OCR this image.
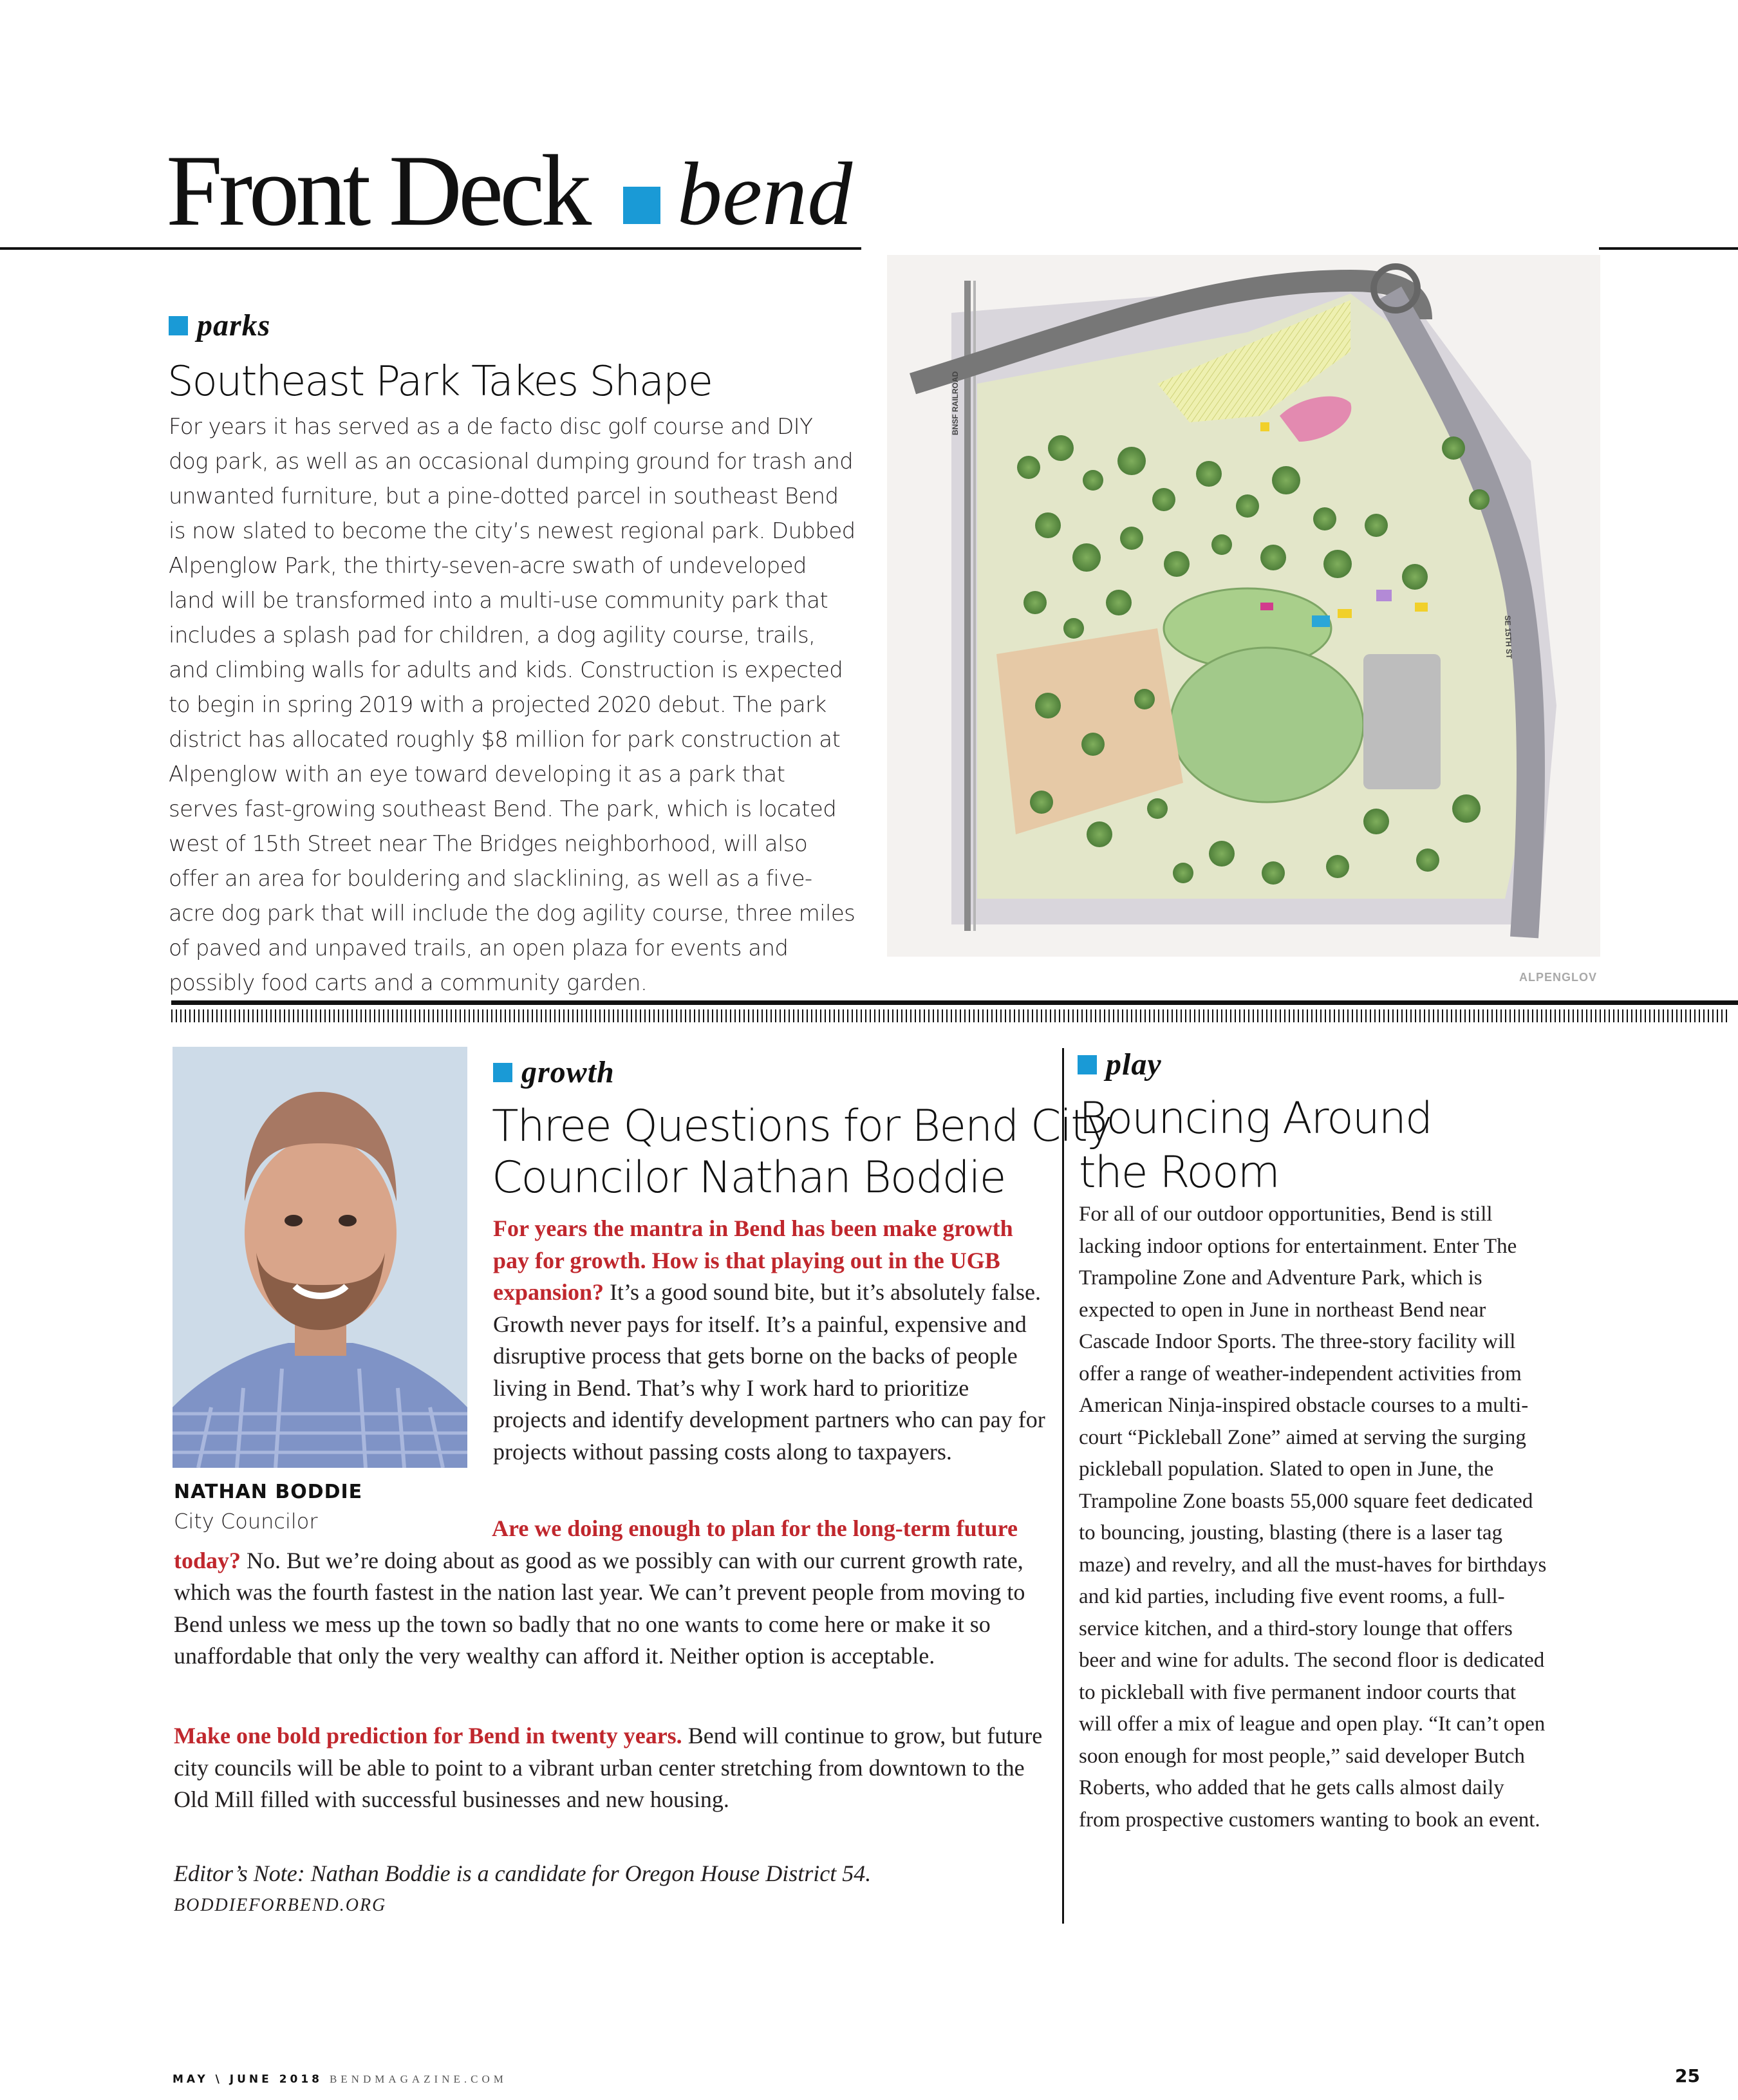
Front Deck bend
parks
Southeast Park Takes Shape

For years it has served as a de facto disc golf course and DIY dog park, as well as an occasional dumping ground for trash and unwanted furniture, but a pine-dotted parcel in southeast Bend is now slated to become the city’s newest regional park. Dubbed Alpenglow Park, the thirty-seven-acre swath of undeveloped land will be transformed into a multi-use community park that includes a splash pad for children, a dog agility course, trails, and climbing walls for adults and kids. Construction is expected to begin in spring 2019 with a projected 2020 debut. The park district has allocated roughly $8 million for park construction at Alpenglow with an eye toward developing it as a park that serves fast-growing southeast Bend. The park, which is located west of 15th Street near The Bridges neighborhood, will also offer an area for bouldering and slacklining, as well as a five-acre dog park that will include the dog agility course, three miles of paved and unpaved trails, an open plaza for events and possibly food carts and a community garden.

SE 15TH ST
BNSF RAILROAD
ALPENGLOV
NATHAN BODDIE
City Councilor
growth
Three Questions for Bend City
Councilor Nathan Boddie

For years the mantra in Bend has been make growth pay for growth. How is that playing out in the UGB expansion? It’s a good sound bite, but it’s absolutely false. Growth never pays for itself. It’s a painful, expensive and disruptive process that gets borne on the backs of people living in Bend. That’s why I work hard to prioritize projects and identify development partners who can pay for projects without passing costs along to taxpayers.

Are we doing enough to plan for the long-term future today? No. But we’re doing about as good as we possibly can with our current growth rate, which was the fourth fastest in the nation last year. We can’t prevent people from moving to Bend unless we mess up the town so badly that no one wants to come here or make it so unaffordable that only the very wealthy can afford it. Neither option is acceptable.

Make one bold prediction for Bend in twenty years. Bend will continue to grow, but future city councils will be able to point to a vibrant urban center stretching from downtown to the Old Mill filled with successful businesses and new housing.

Editor’s Note: Nathan Boddie is a candidate for Oregon House District 54.

BODDIEFORBEND.ORG
play
Bouncing Around
the Room

For all of our outdoor opportunities, Bend is still lacking indoor options for entertainment. Enter The Trampoline Zone and Adventure Park, which is expected to open in June in northeast Bend near Cascade Indoor Sports. The three-story facility will offer a range of weather-independent activities from American Ninja-inspired obstacle courses to a multi-court “Pickleball Zone” aimed at serving the surging pickleball population. Slated to open in June, the Trampoline Zone boasts 55,000 square feet dedicated to bouncing, jousting, blasting (there is a laser tag maze) and revelry, and all the must-haves for birthdays and kid parties, including five event rooms, a full-service kitchen, and a third-story lounge that offers beer and wine for adults. The second floor is dedicated to pickleball with five permanent indoor courts that will offer a mix of league and open play. “It can’t open soon enough for most people,” said developer Butch Roberts, who added that he gets calls almost daily from prospective customers wanting to book an event.

MAY \ JUNE 2018 BENDMAGAZINE.COM	25
